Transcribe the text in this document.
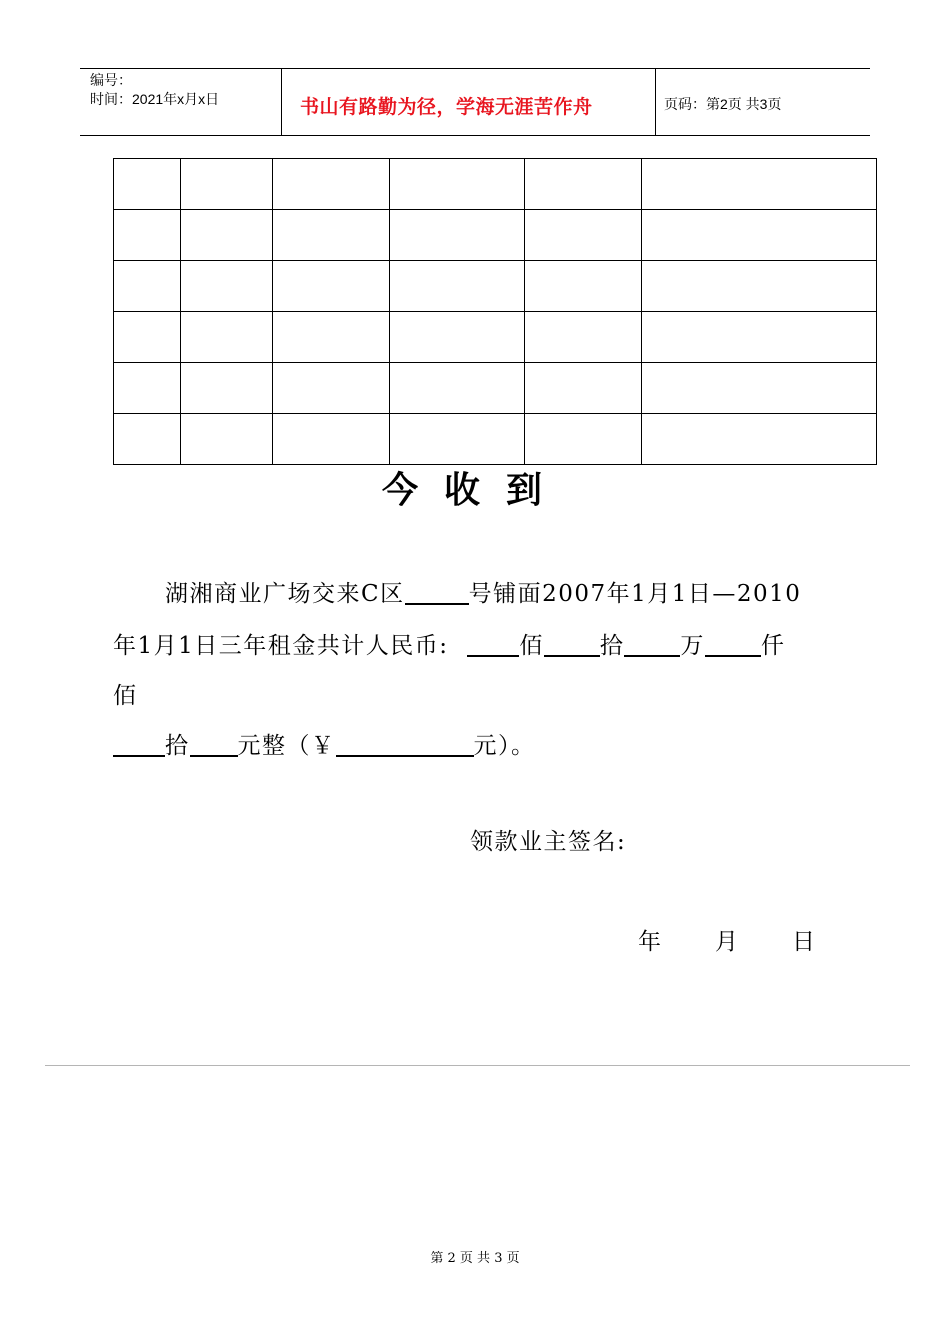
编号：
时间：2021年x月x日	书山有路勤为径，学海无涯苦作舟	页码：第2页 共3页

今收到
湖湘商业广场交来C区	号铺面2007年1月1日—2010
年1月1日三年租金共计人民币:	佰 拾 万 仟
佰
拾 元整（￥	元）。
领款业主签名:
年 月 日
第 2 页 共 3 页
